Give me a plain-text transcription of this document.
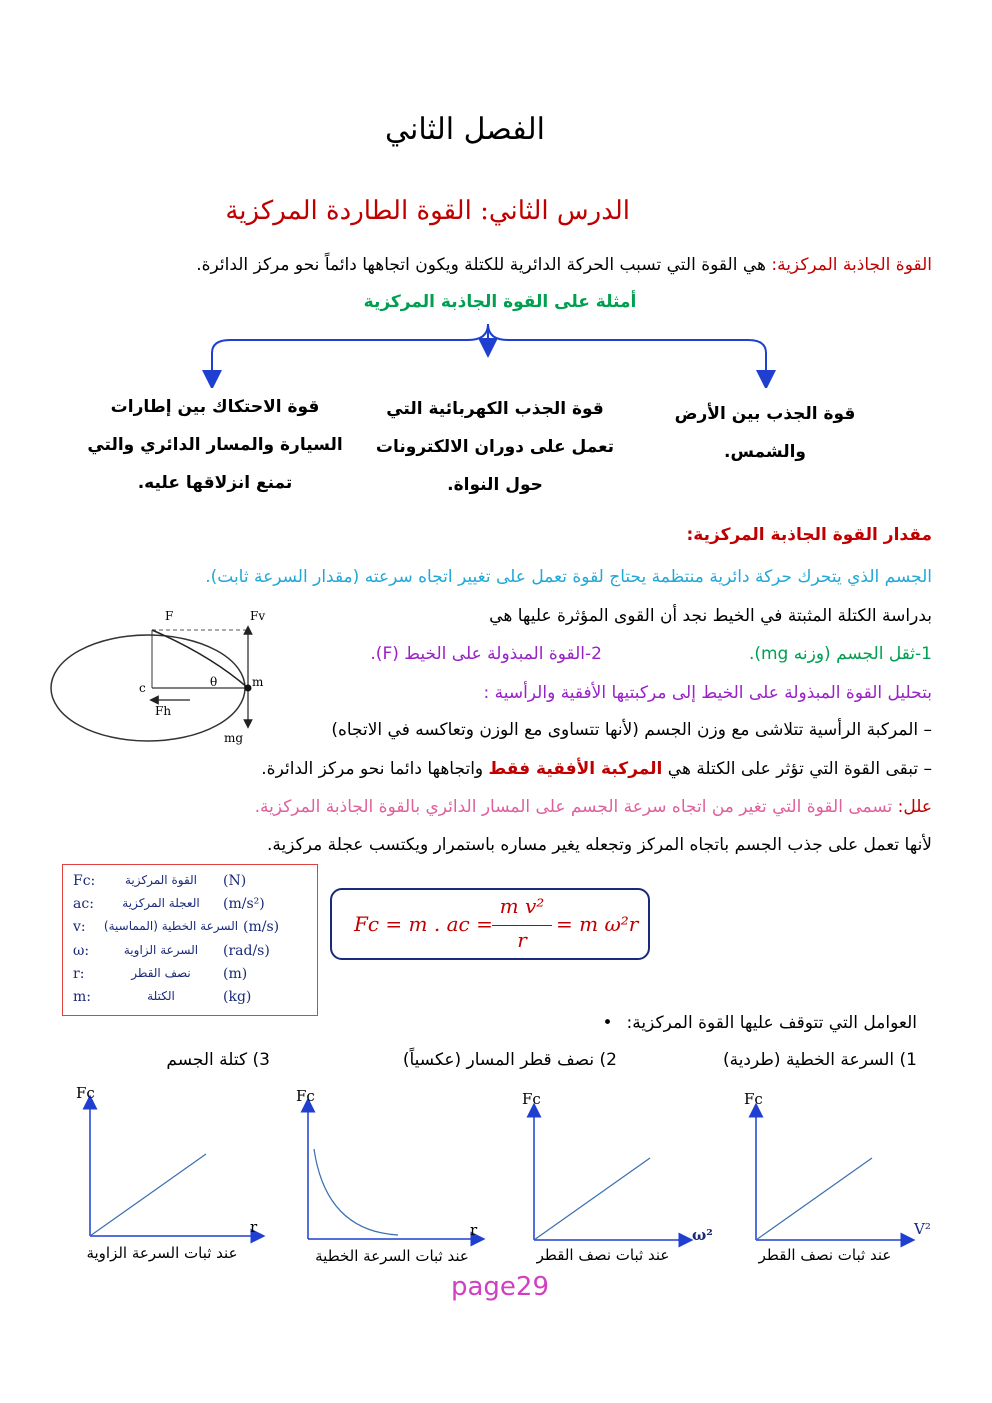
الفصل الثاني
الدرس الثاني: القوة الطاردة المركزية
القوة الجاذبة المركزية: هي القوة التي تسبب الحركة الدائرية للكتلة ويكون اتجاهها دائماً نحو مركز الدائرة.
أمثلة على القوة الجاذبة المركزية
قوة الجذب بين الأرض
والشمس.
قوة الجذب الكهربائية التي
تعمل على دوران الالكترونات
حول النواة.
قوة الاحتكاك بين إطارات
السيارة والمسار الدائري والتي
تمنع انزلاقها عليه.
مقدار القوة الجاذبة المركزية:
الجسم الذي يتحرك حركة دائرية منتظمة يحتاج لقوة تعمل على تغيير اتجاه سرعته (مقدار السرعة ثابت).
بدراسة الكتلة المثبتة في الخيط نجد أن القوى المؤثرة عليها هي
1-ثقل الجسم (وزنه mg).
2-القوة المبذولة على الخيط (F).
بتحليل القوة المبذولة على الخيط إلى مركبتيها الأفقية والرأسية :
– المركبة الرأسية تتلاشى مع وزن الجسم (لأنها تتساوى مع الوزن وتعاكسه في الاتجاه)
– تبقى القوة التي تؤثر على الكتلة هي المركبة الأفقية فقط واتجاهها دائما نحو مركز الدائرة.
علل: تسمى القوة التي تغير من اتجاه سرعة الجسم على المسار الدائري بالقوة الجاذبة المركزية.
لأنها تعمل على جذب الجسم باتجاه المركز وتجعله يغير مساره باستمرار ويكتسب عجلة مركزية.
F	Fv
Fh
c	θ	m
mg
Fc:	القوة المركزية	(N)
ac:	العجلة المركزية	(m/s²)
v: السرعة الخطية (المماسية) (m/s)
ω:	السرعة الزاوية	(rad/s)
r:	نصف القطر	(m)
m:	الكتلة	(kg)
Fc = m . ac =
m v²
r
= m ω²r
العوامل التي تتوقف عليها القوة المركزية:•
1) السرعة الخطية (طردية)
2) نصف قطر المسار (عكسياً)
3) كتلة الجسم
Fc
r
عند ثبات السرعة الزاوية
Fc
r
عند ثبات السرعة الخطية
Fc
ω²
عند ثبات نصف القطر
Fc
V²
عند ثبات نصف القطر
page29
